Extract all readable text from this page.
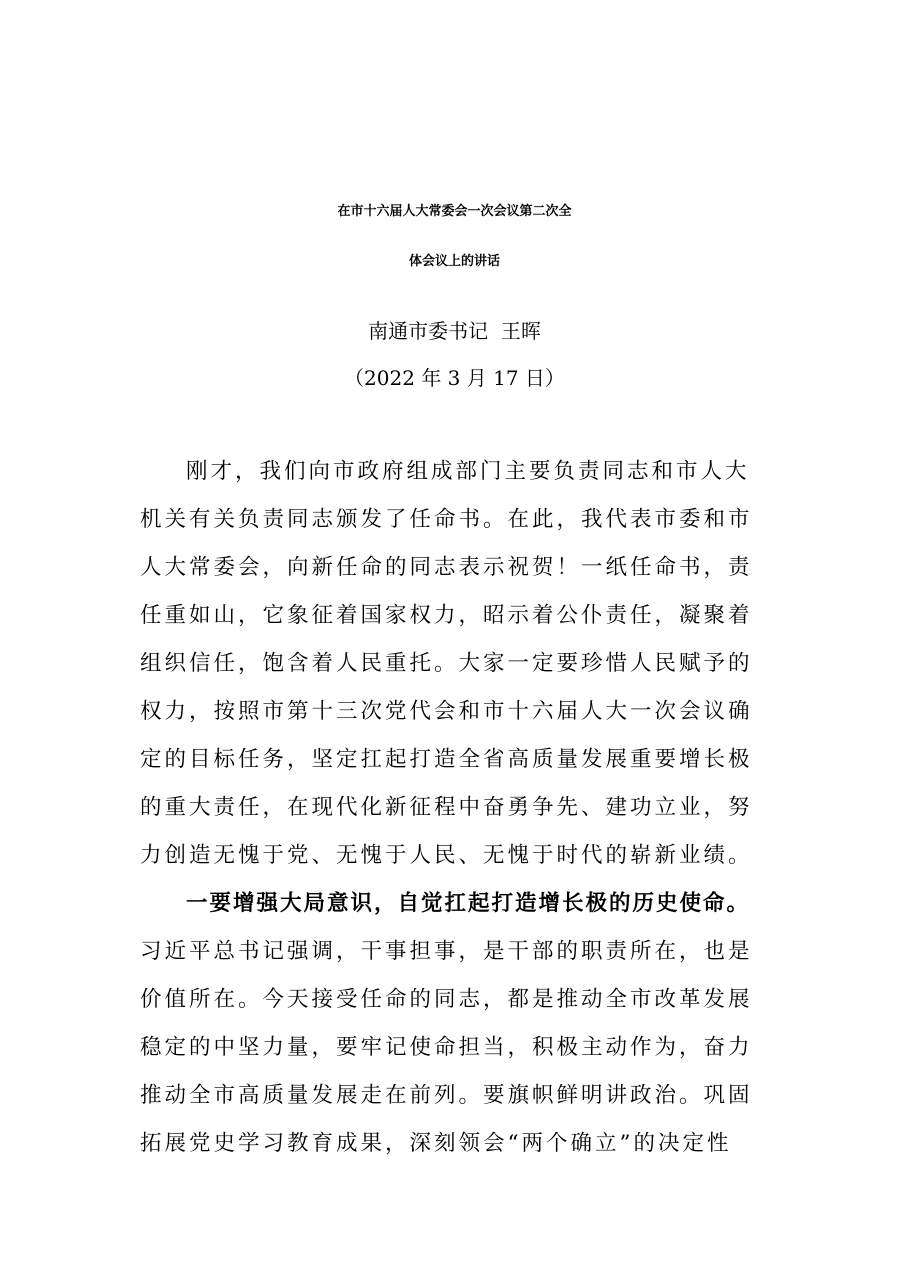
在市十六届人大常委会一次会议第二次全
体会议上的讲话
南通市委书记  王晖
（2022 年 3 月 17 日）
刚才，我们向市政府组成部门主要负责同志和市人大
机关有关负责同志颁发了任命书。在此，我代表市委和市
人大常委会，向新任命的同志表示祝贺！一纸任命书，责
任重如山，它象征着国家权力，昭示着公仆责任，凝聚着
组织信任，饱含着人民重托。大家一定要珍惜人民赋予的
权力，按照市第十三次党代会和市十六届人大一次会议确
定的目标任务，坚定扛起打造全省高质量发展重要增长极
的重大责任，在现代化新征程中奋勇争先、建功立业，努
力创造无愧于党、无愧于人民、无愧于时代的崭新业绩。
一要增强大局意识，自觉扛起打造增长极的历史使命。
习近平总书记强调，干事担事，是干部的职责所在，也是
价值所在。今天接受任命的同志，都是推动全市改革发展
稳定的中坚力量，要牢记使命担当，积极主动作为，奋力
推动全市高质量发展走在前列。要旗帜鲜明讲政治。巩固
拓展党史学习教育成果，深刻领会“两个确立”的决定性
